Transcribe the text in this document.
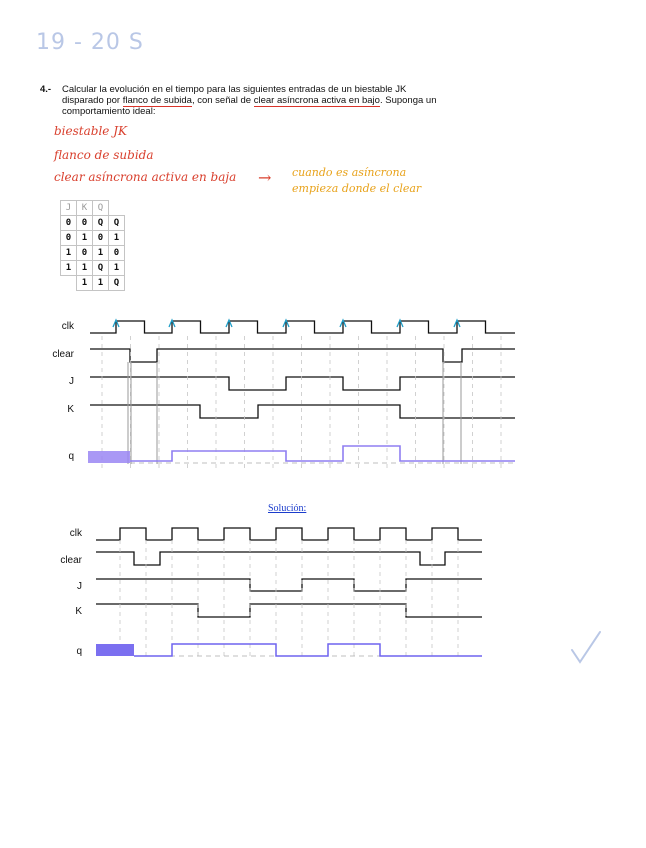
19 - 20 S
4.- Calcular la evolución en el tiempo para las siguientes entradas de un biestable JK disparado por flanco de subida, con señal de clear asíncrona activa en bajo. Suponga un comportamiento ideal:
biestable JK
flanco de subida
clear asíncrona activa en baja → cuando es asíncrona
empieza donde el clear
J	K	Q	
0	0	Q	Q
0	1	0	1
1	0	1	0
1	1	Q	1
	1	1	Q
clk
clear
J
K
q
Solución:
clk
clear
J
K
q
